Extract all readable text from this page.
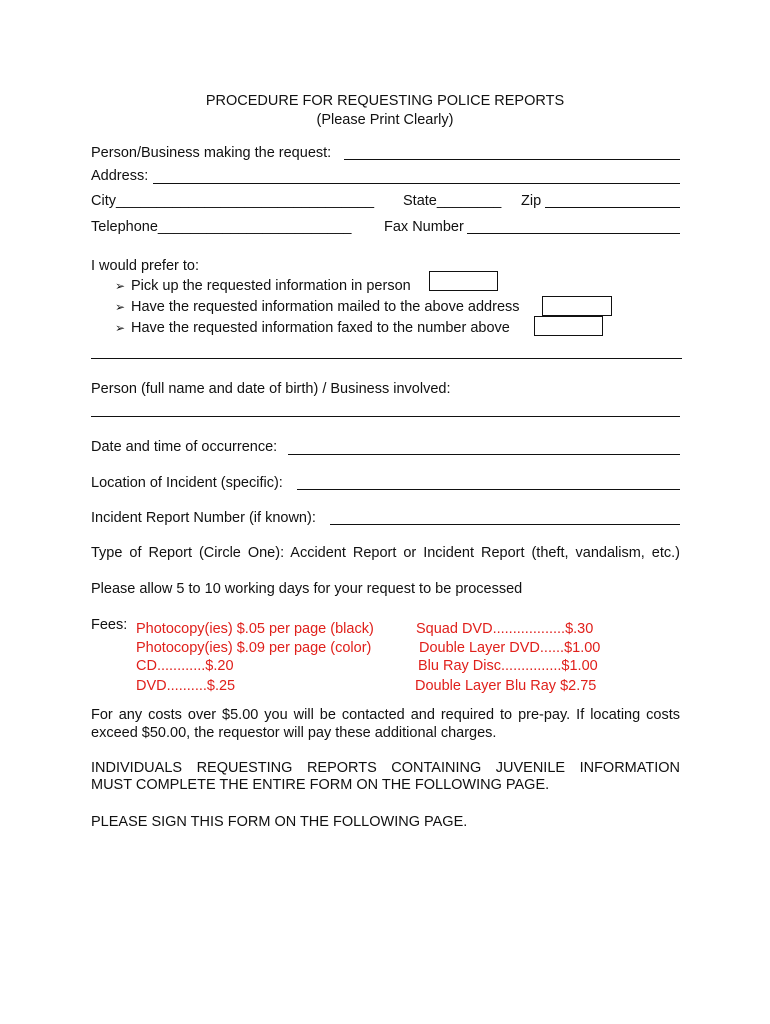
PROCEDURE FOR REQUESTING POLICE REPORTS
(Please Print Clearly)
Person/Business making the request:
Address:
City________________________________ State________ Zip
Telephone________________________ Fax Number
I would prefer to:
➢ Pick up the requested information in person
➢ Have the requested information mailed to the above address
➢ Have the requested information faxed to the number above
Person (full name and date of birth) / Business involved:
Date and time of occurrence:
Location of Incident (specific):
Incident Report Number (if known):
Type of Report (Circle One): Accident Report or Incident Report (theft, vandalism, etc.)
Please allow 5 to 10 working days for your request to be processed
Fees: Photocopy(ies) $.05 per page (black)
Photocopy(ies) $.09 per page (color)
CD............$.20
DVD..........$.25
Squad DVD..................$.30
Double Layer DVD......$1.00
Blu Ray Disc...............$1.00
Double Layer Blu Ray $2.75
For any costs over $5.00 you will be contacted and required to pre-pay. If locating costs
exceed $50.00, the requestor will pay these additional charges.
INDIVIDUALS REQUESTING REPORTS CONTAINING JUVENILE INFORMATION
MUST COMPLETE THE ENTIRE FORM ON THE FOLLOWING PAGE.
PLEASE SIGN THIS FORM ON THE FOLLOWING PAGE.
